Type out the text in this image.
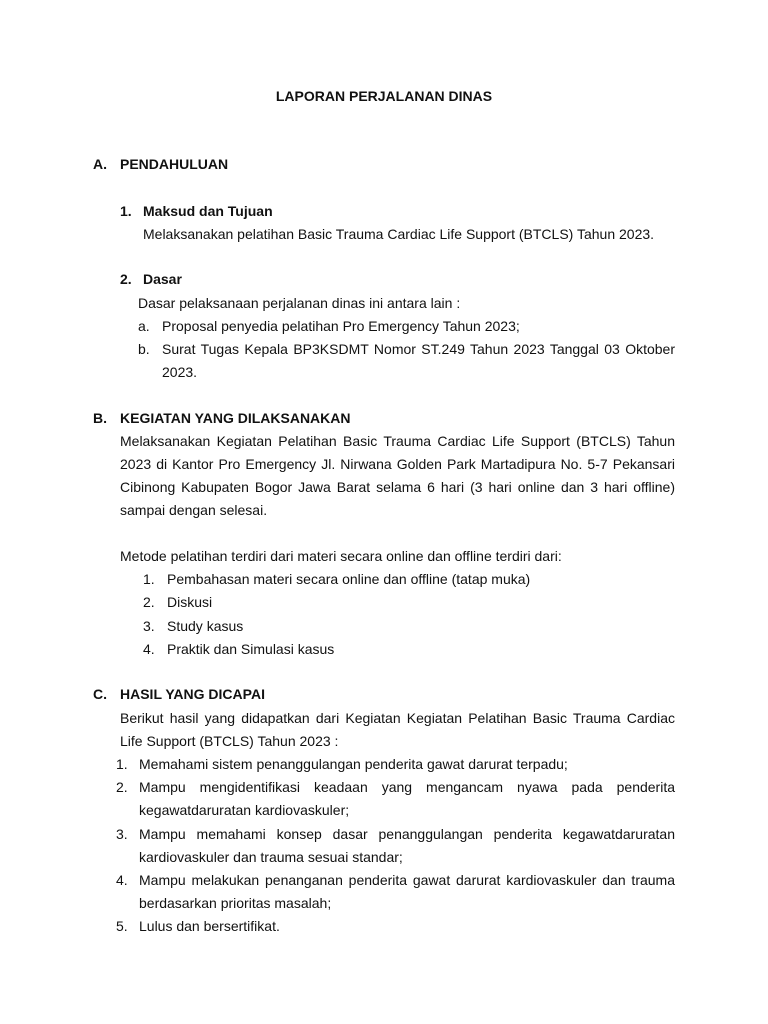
LAPORAN PERJALANAN DINAS
A. PENDAHULUAN
1. Maksud dan Tujuan
Melaksanakan pelatihan Basic Trauma Cardiac Life Support (BTCLS) Tahun 2023.
2. Dasar
Dasar pelaksanaan perjalanan dinas ini antara lain :
a. Proposal penyedia pelatihan Pro Emergency Tahun 2023;
b. Surat Tugas Kepala BP3KSDMT Nomor ST.249 Tahun 2023 Tanggal 03 Oktober
2023.
B. KEGIATAN YANG DILAKSANAKAN
Melaksanakan Kegiatan Pelatihan Basic Trauma Cardiac Life Support (BTCLS) Tahun
2023 di Kantor Pro Emergency Jl. Nirwana Golden Park Martadipura No. 5-7 Pekansari
Cibinong Kabupaten Bogor Jawa Barat selama 6 hari (3 hari online dan 3 hari offline)
sampai dengan selesai.
Metode pelatihan terdiri dari materi secara online dan offline terdiri dari:
1. Pembahasan materi secara online dan offline (tatap muka)
2. Diskusi
3. Study kasus
4. Praktik dan Simulasi kasus
C. HASIL YANG DICAPAI
Berikut hasil yang didapatkan dari Kegiatan Kegiatan Pelatihan Basic Trauma Cardiac
Life Support (BTCLS) Tahun 2023 :
1. Memahami sistem penanggulangan penderita gawat darurat terpadu;
2. Mampu mengidentifikasi keadaan yang mengancam nyawa pada penderita
kegawatdaruratan kardiovaskuler;
3. Mampu memahami konsep dasar penanggulangan penderita kegawatdaruratan
kardiovaskuler dan trauma sesuai standar;
4. Mampu melakukan penanganan penderita gawat darurat kardiovaskuler dan trauma
berdasarkan prioritas masalah;
5. Lulus dan bersertifikat.
